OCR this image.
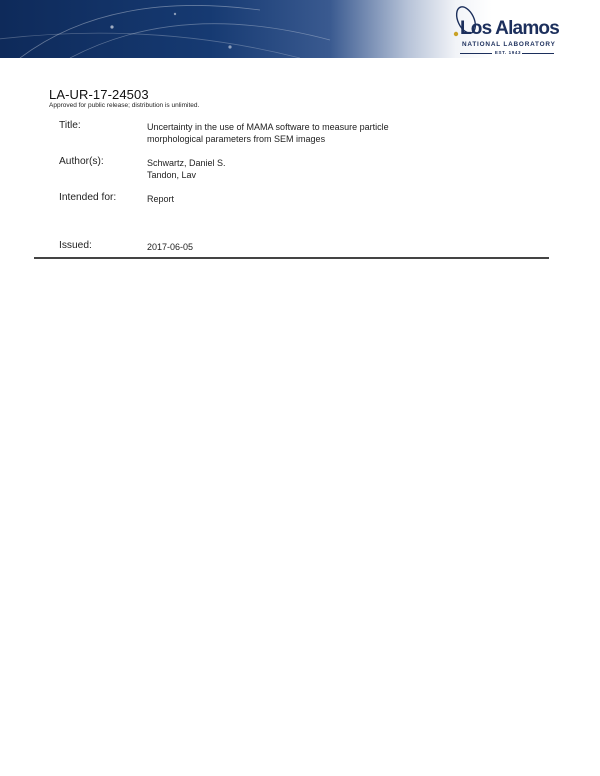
Los Alamos
NATIONAL LABORATORY
EST. 1943
LA-UR-17-24503
Approved for public release; distribution is unlimited.
Title:	Uncertainty in the use of MAMA software to measure particle
morphological parameters from SEM images
Author(s):	Schwartz, Daniel S.
Tandon, Lav
Intended for:	Report
Issued:	2017-06-05
